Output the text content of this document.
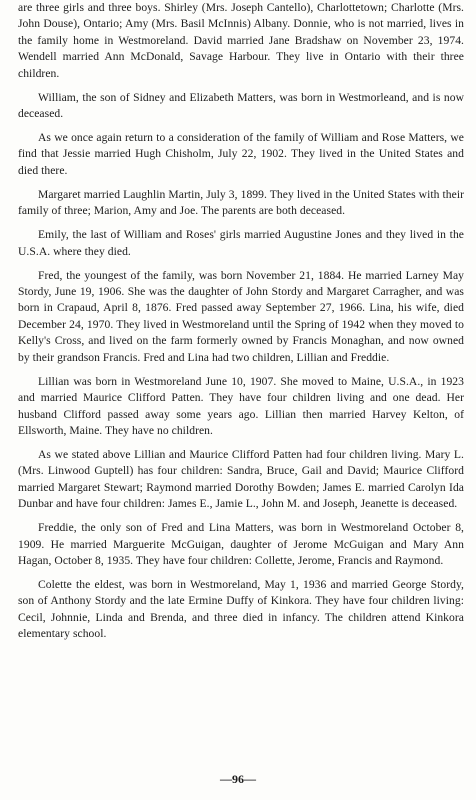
are three girls and three boys. Shirley (Mrs. Joseph Cantello), Charlottetown; Charlotte (Mrs. John Douse), Ontario; Amy (Mrs. Basil McInnis) Albany. Donnie, who is not married, lives in the family home in Westmoreland. David married Jane Bradshaw on November 23, 1974. Wendell married Ann McDonald, Savage Harbour. They live in Ontario with their three children.

William, the son of Sidney and Elizabeth Matters, was born in Westmorleand, and is now deceased.

As we once again return to a consideration of the family of William and Rose Matters, we find that Jessie married Hugh Chisholm, July 22, 1902. They lived in the United States and died there.

Margaret married Laughlin Martin, July 3, 1899. They lived in the United States with their family of three; Marion, Amy and Joe. The parents are both deceased.

Emily, the last of William and Roses' girls married Augustine Jones and they lived in the U.S.A. where they died.

Fred, the youngest of the family, was born November 21, 1884. He married Larney May Stordy, June 19, 1906. She was the daughter of John Stordy and Margaret Carragher, and was born in Crapaud, April 8, 1876. Fred passed away September 27, 1966. Lina, his wife, died December 24, 1970. They lived in Westmoreland until the Spring of 1942 when they moved to Kelly's Cross, and lived on the farm formerly owned by Francis Monaghan, and now owned by their grandson Francis. Fred and Lina had two children, Lillian and Freddie.

Lillian was born in Westmoreland June 10, 1907. She moved to Maine, U.S.A., in 1923 and married Maurice Clifford Patten. They have four children living and one dead. Her husband Clifford passed away some years ago. Lillian then married Harvey Kelton, of Ellsworth, Maine. They have no children.

As we stated above Lillian and Maurice Clifford Patten had four children living. Mary L. (Mrs. Linwood Guptell) has four children: Sandra, Bruce, Gail and David; Maurice Clifford married Margaret Stewart; Raymond married Dorothy Bowden; James E. married Carolyn Ida Dunbar and have four children: James E., Jamie L., John M. and Joseph, Jeanette is deceased.

Freddie, the only son of Fred and Lina Matters, was born in Westmoreland October 8, 1909. He married Marguerite McGuigan, daughter of Jerome McGuigan and Mary Ann Hagan, October 8, 1935. They have four children: Collette, Jerome, Francis and Raymond.

Colette the eldest, was born in Westmoreland, May 1, 1936 and married George Stordy, son of Anthony Stordy and the late Ermine Duffy of Kinkora. They have four children living: Cecil, Johnnie, Linda and Brenda, and three died in infancy. The children attend Kinkora elementary school.

—96—
